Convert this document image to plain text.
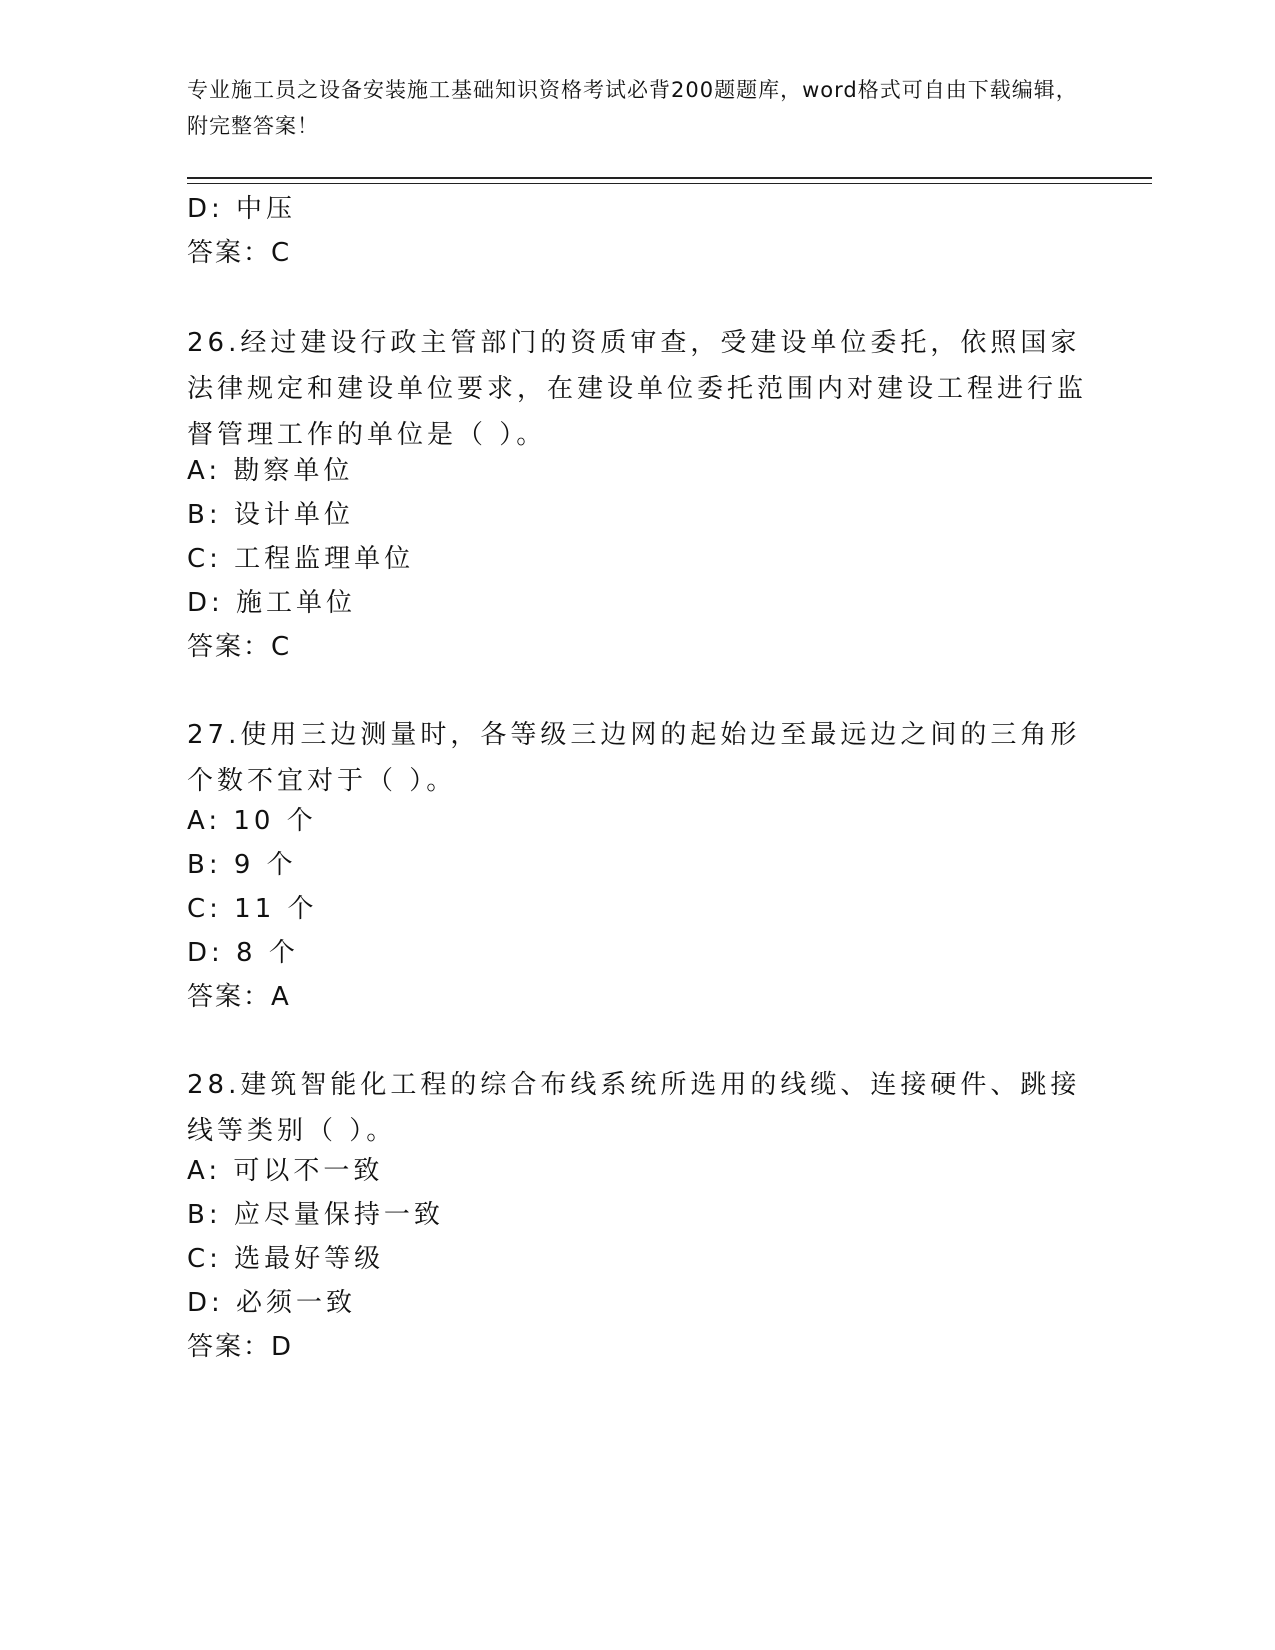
专业施工员之设备安装施工基础知识资格考试必背200题题库，word格式可自由下载编辑，附完整答案！
D: 中压
答案：C
26.经过建设行政主管部门的资质审查，受建设单位委托，依照国家法律规定和建设单位要求，在建设单位委托范围内对建设工程进行监督管理工作的单位是（ ）。
A: 勘察单位
B: 设计单位
C: 工程监理单位
D: 施工单位
答案：C
27.使用三边测量时，各等级三边网的起始边至最远边之间的三角形个数不宜对于（ ）。
A: 10 个
B: 9 个
C: 11 个
D: 8 个
答案：A
28.建筑智能化工程的综合布线系统所选用的线缆、连接硬件、跳接线等类别（ ）。
A: 可以不一致
B: 应尽量保持一致
C: 选最好等级
D: 必须一致
答案：D
